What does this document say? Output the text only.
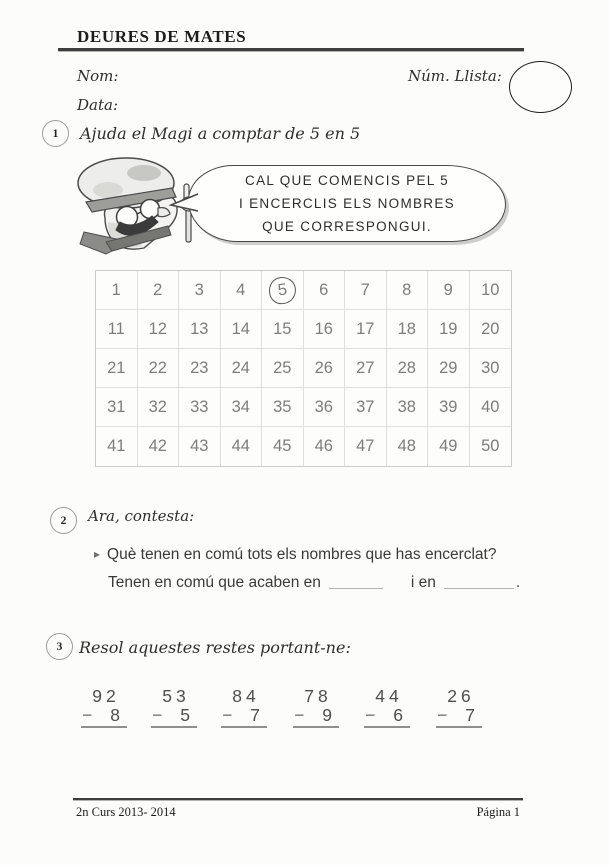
DEURES DE MATES
Nom:	Núm. Llista:
Data:
1 Ajuda el Magi a comptar de 5 en 5
CAL QUE COMENCIS PEL 5
I ENCERCLIS ELS NOMBRES
QUE CORRESPONGUI.
1 2 3 4	5	6 7 8 9 10
11 12 13 14 15 16 17 18 19 20
21 22 23 24 25 26 27 28 29 30
31 32 33 34 35 36 37 38 39 40
41 42 43 44 45 46 47 48 49 50
2 Ara, contesta:
▸ Què tenen en comú tots els nombres que has encerclat?
Tenen en comú que acaben en	i en	.
3 Resol aquestes restes portant-ne:
92
− 8
53
− 5
84
− 7
78
− 9
44
− 6
26
− 7
2n Curs 2013- 2014	Página 1
